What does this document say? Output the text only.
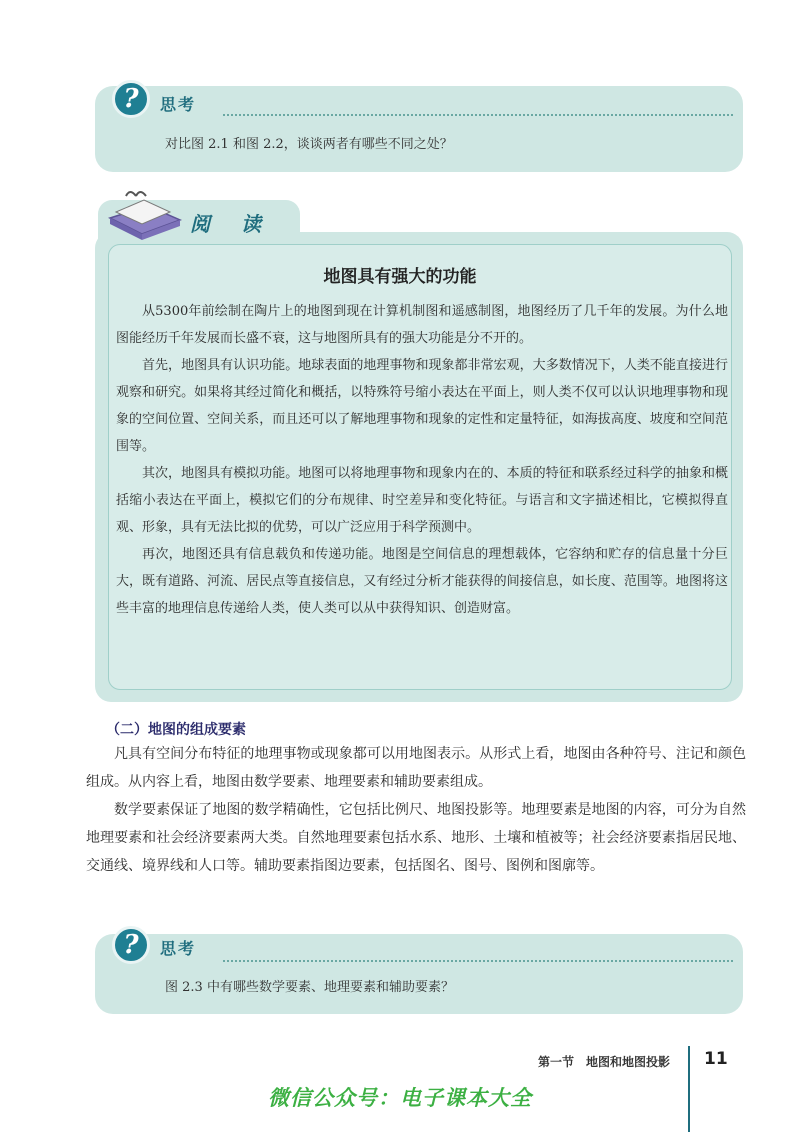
?	思考
对比图 2.1 和图 2.2，谈谈两者有哪些不同之处？
阅 读
地图具有强大的功能

从5300年前绘制在陶片上的地图到现在计算机制图和遥感制图，地图经历了几千年的发展。为什么地图能经历千年发展而长盛不衰，这与地图所具有的强大功能是分不开的。

首先，地图具有认识功能。地球表面的地理事物和现象都非常宏观，大多数情况下，人类不能直接进行观察和研究。如果将其经过简化和概括，以特殊符号缩小表达在平面上，则人类不仅可以认识地理事物和现象的空间位置、空间关系，而且还可以了解地理事物和现象的定性和定量特征，如海拔高度、坡度和空间范围等。

其次，地图具有模拟功能。地图可以将地理事物和现象内在的、本质的特征和联系经过科学的抽象和概括缩小表达在平面上，模拟它们的分布规律、时空差异和变化特征。与语言和文字描述相比，它模拟得直观、形象，具有无法比拟的优势，可以广泛应用于科学预测中。

再次，地图还具有信息载负和传递功能。地图是空间信息的理想载体，它容纳和贮存的信息量十分巨大，既有道路、河流、居民点等直接信息，又有经过分析才能获得的间接信息，如长度、范围等。地图将这些丰富的地理信息传递给人类，使人类可以从中获得知识、创造财富。

（二）地图的组成要素

凡具有空间分布特征的地理事物或现象都可以用地图表示。从形式上看，地图由各种符号、注记和颜色组成。从内容上看，地图由数学要素、地理要素和辅助要素组成。

数学要素保证了地图的数学精确性，它包括比例尺、地图投影等。地理要素是地图的内容，可分为自然地理要素和社会经济要素两大类。自然地理要素包括水系、地形、土壤和植被等；社会经济要素指居民地、交通线、境界线和人口等。辅助要素指图边要素，包括图名、图号、图例和图廓等。

?	思考
图 2.3 中有哪些数学要素、地理要素和辅助要素？
第一节　地图和地图投影 11
微信公众号：电子课本大全
